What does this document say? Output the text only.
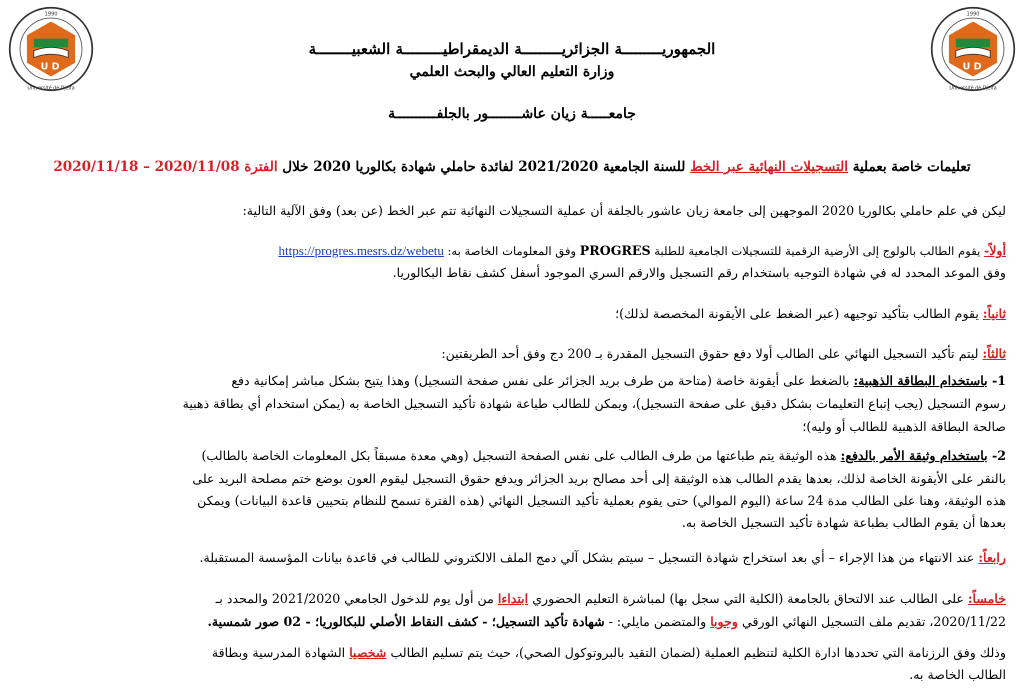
U D
1990
Université de Djelfa
U D
1990
Université de Djelfa
الجمهوريـــــــــة الجزائريـــــــــة الديمقراطيـــــــــة الشعبيــــــــة
وزارة التعليم العالي والبحث العلمي
جامعـــــة زيان عاشــــــــور بالجلفــــــــــة
تعليمات خاصة بعملية التسجيلات النهائية عبر الخط للسنة الجامعية 2021/2020 لفائدة حاملي شهادة بكالوريا 2020 خلال الفترة 2020/11/08 – 2020/11/18
ليكن في علم حاملي بكالوريا 2020 الموجهين إلى جامعة زيان عاشور بالجلفة أن عملية التسجيلات النهائية تتم عبر الخط (عن بعد) وفق الآلية التالية:
أولاً- يقوم الطالب بالولوج إلى الأرضية الرقمية للتسجيلات الجامعية للطلبة PROGRES وفق المعلومات الخاصة به: https://progres.mesrs.dz/webetu
وفق الموعد المحدد له في شهادة التوجيه باستخدام رقم التسجيل والارقم السري الموجود أسفل كشف نقاط البكالوريا.
ثانياً: يقوم الطالب بتأكيد توجيهه (عبر الضغط على الأيقونة المخصصة لذلك)؛
ثالثاً: ليتم تأكيد التسجيل النهائي على الطالب أولا دفع حقوق التسجيل المقدرة بـ 200 دج وفق أحد الطريقتين:
1- باستخدام البطاقة الذهبية: بالضغط على أيقونة خاصة (متاحة من طرف بريد الجزائر على نفس صفحة التسجيل) وهذا يتيح بشكل مباشر إمكانية دفع
رسوم التسجيل (يجب إتباع التعليمات بشكل دقيق على صفحة التسجيل)، ويمكن للطالب طباعة شهادة تأكيد التسجيل الخاصة به (يمكن استخدام أي بطاقة ذهبية
صالحة البطاقة الذهبية للطالب أو وليه)؛
2- باستخدام وثيقة الأمر بالدفع: هذه الوثيقة يتم طباعتها من طرف الطالب على نفس الصفحة التسجيل (وهي معدة مسبقاً بكل المعلومات الخاصة بالطالب)
بالنقر على الأيقونة الخاصة لذلك، بعدها يقدم الطالب هذه الوثيقة إلى أحد مصالح بريد الجزائر ويدفع حقوق التسجيل ليقوم العون بوضع ختم مصلحة البريد على
هذه الوثيقة، وهنا على الطالب مدة 24 ساعة (اليوم الموالي) حتى يقوم بعملية تأكيد التسجيل النهائي (هذه الفترة تسمح للنظام بتحيين قاعدة البيانات) ويمكن
بعدها أن يقوم الطالب بطباعة شهادة تأكيد التسجيل الخاصة به.
رابعاً: عند الانتهاء من هذا الإجراء – أي بعد استخراج شهادة التسجيل – سيتم بشكل آلي دمج الملف الالكتروني للطالب في قاعدة بيانات المؤسسة المستقبلة.
خامساً: على الطالب عند الالتحاق بالجامعة (الكلية التي سجل بها) لمباشرة التعليم الحضوري ابتداءا من أول يوم للدخول الجامعي 2021/2020 والمحدد بـ
2020/11/22، تقديم ملف التسجيل النهائي الورقي وجوبا والمتضمن مايلي: - شهادة تأكيد التسجيل؛ - كشف النقاط الأصلي للبكالوريا؛ - 02 صور شمسية.
وذلك وفق الرزنامة التي تحددها ادارة الكلية لتنظيم العملية (لضمان التقيد بالبروتوكول الصحي)، حيث يتم تسليم الطالب شخصيا الشهادة المدرسية وبطاقة
الطالب الخاصة به.
